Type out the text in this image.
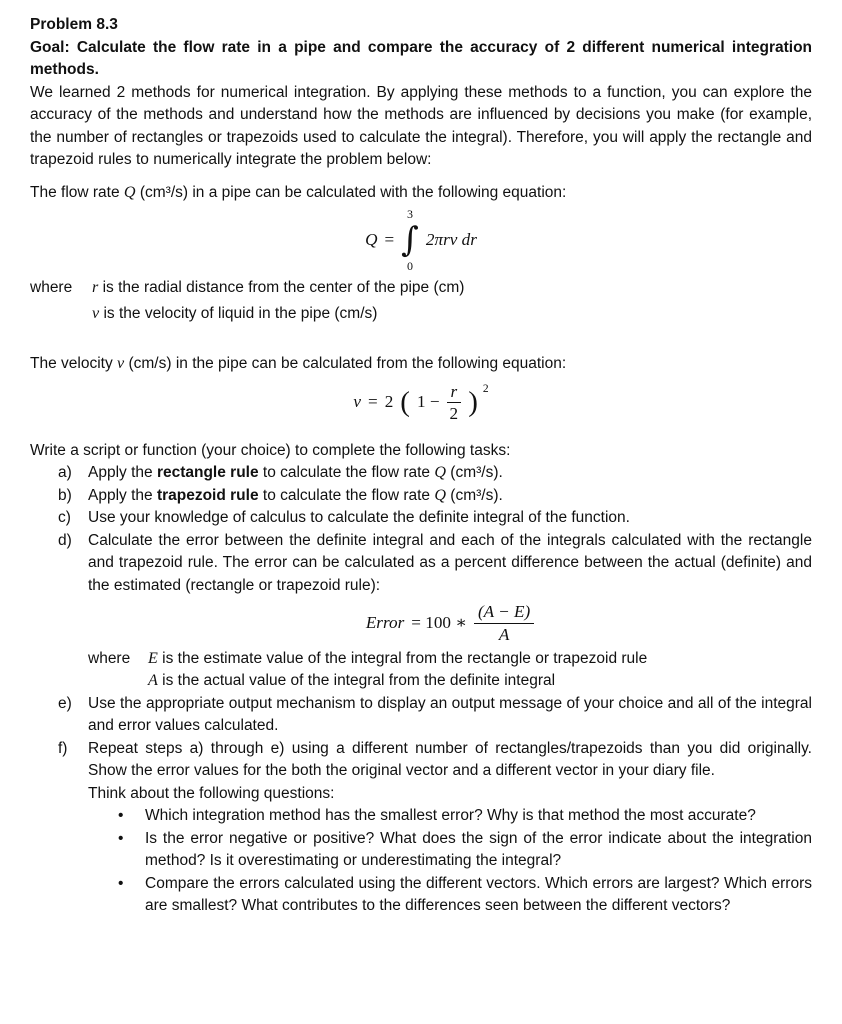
Problem 8.3

Goal: Calculate the flow rate in a pipe and compare the accuracy of 2 different numerical integration methods.

We learned 2 methods for numerical integration. By applying these methods to a function, you can explore the accuracy of the methods and understand how the methods are influenced by decisions you make (for example, the number of rectangles or trapezoids used to calculate the integral). Therefore, you will apply the rectangle and trapezoid rules to numerically integrate the problem below:

The flow rate Q (cm³/s) in a pipe can be calculated with the following equation:

Q =
3
∫
0
2πrv dr
where	r is the radial distance from the center of the pipe (cm)
v is the velocity of liquid in the pipe (cm/s)

The velocity v (cm/s) in the pipe can be calculated from the following equation:

v = 2 ( $1 - \frac{r}{2}$ ) 2

Write a script or function (your choice) to complete the following tasks:

a)	Apply the rectangle rule to calculate the flow rate Q (cm³/s).
b)	Apply the trapezoid rule to calculate the flow rate Q (cm³/s).
c)	Use your knowledge of calculus to calculate the definite integral of the function.
d)	Calculate the error between the definite integral and each of the integrals calculated with the rectangle and trapezoid rule. The error can be calculated as a percent difference between the actual (definite) and the estimated (rectangle or trapezoid rule):

Error = 100 ∗ $\frac{(A - E)}{A}$
where	E is the estimate value of the integral from the rectangle or trapezoid rule
A is the actual value of the integral from the definite integral
e)	Use the appropriate output mechanism to display an output message of your choice and all of the integral and error values calculated.
f)	Repeat steps a) through e) using a different number of rectangles/trapezoids than you did originally. Show the error values for the both the original vector and a different vector in your diary file.

Think about the following questions:

•	Which integration method has the smallest error? Why is that method the most accurate?
•	Is the error negative or positive? What does the sign of the error indicate about the integration method? Is it overestimating or underestimating the integral?
•	Compare the errors calculated using the different vectors. Which errors are largest? Which errors are smallest? What contributes to the differences seen between the different vectors?
